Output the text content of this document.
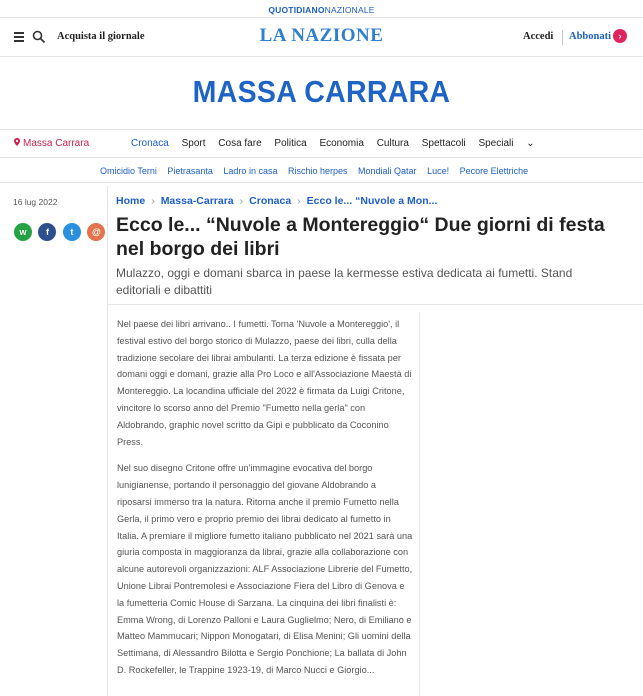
QUOTIDIANONAZIONALE
Acquista il giornale	LA NAZIONE	Accedi Abbonati ›
MASSA CARRARA
Massa Carrara	Cronaca Sport Cosa fare Politica Economia Cultura Spettacoli Speciali ⌄
Omicidio Terni Pietrasanta Ladro in casa Rischio herpes Mondiali Qatar Luce! Pecore Elettriche
16 lug 2022
w f t @
Home › Massa-Carrara › Cronaca › Ecco le... “Nuvole a Mon...
Ecco le... “Nuvole a Montereggio“ Due giorni di festa nel borgo dei libri
Mulazzo, oggi e domani sbarca in paese la kermesse estiva dedicata ai fumetti. Stand editoriali e dibattiti

Nel paese dei libri arrivano.. I fumetti. Torna 'Nuvole a Montereggio', il festival estivo del borgo storico di Mulazzo, paese dei libri, culla della tradizione secolare dei librai ambulanti. La terza edizione è fissata per domani oggi e domani, grazie alla Pro Loco e all'Associazione Maestà di Montereggio. La locandina ufficiale del 2022 è firmata da Luigi Critone, vincitore lo scorso anno del Premio "Fumetto nella gerla" con Aldobrando, graphic novel scritto da Gipi e pubblicato da Coconino Press.

Nel suo disegno Critone offre un'immagine evocativa del borgo lunigianense, portando il personaggio del giovane Aldobrando a riposarsi immerso tra la natura. Ritorna anche il premio Fumetto nella Gerla, il primo vero e proprio premio dei librai dedicato al fumetto in Italia. A premiare il migliore fumetto italiano pubblicato nel 2021 sarà una giuria composta in maggioranza da librai, grazie alla collaborazione con alcune autorevoli organizzazioni: ALF Associazione Librerie del Fumetto, Unione Librai Pontremolesi e Associazione Fiera del Libro di Genova e la fumetteria Comic House di Sarzana. La cinquina dei libri finalisti è: Emma Wrong, di Lorenzo Palloni e Laura Guglielmo; Nero, di Emiliano e Matteo Mammucari; Nippon Monogatari, di Elisa Menini; Gli uomini della Settimana, di Alessandro Bilotta e Sergio Ponchione; La ballata di John D. Rockefeller, le Trappine 1923-19, di Marco Nucci e Giorgio...
